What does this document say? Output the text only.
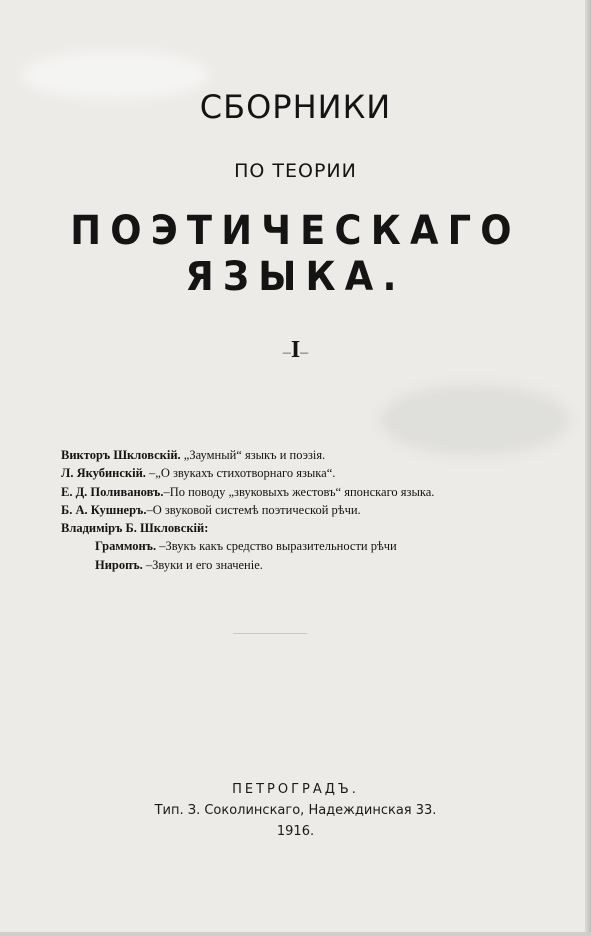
СБОРНИКИ
ПО ТЕОРИИ
ПОЭТИЧЕСКАГО ЯЗЫКА.
–I–
Викторъ Шкловскій. „Заумный“ языкъ и поэзія.
Л. Якубинскій. –„О звукахъ стихотворнаго языка“.
Е. Д. Поливановъ.–По поводу „звуковыхъ жестовъ“ японскаго языка.
Б. А. Кушнеръ.–О звуковой системѣ поэтической рѣчи.
Владиміръ Б. Шкловскій:
Граммонъ. –Звукъ какъ средство выразительности рѣчи
Ниропъ. –Звуки и его значеніе.
ПЕТРОГРАДЪ.
Тип. З. Соколинскаго, Надеждинская 33.
1916.
